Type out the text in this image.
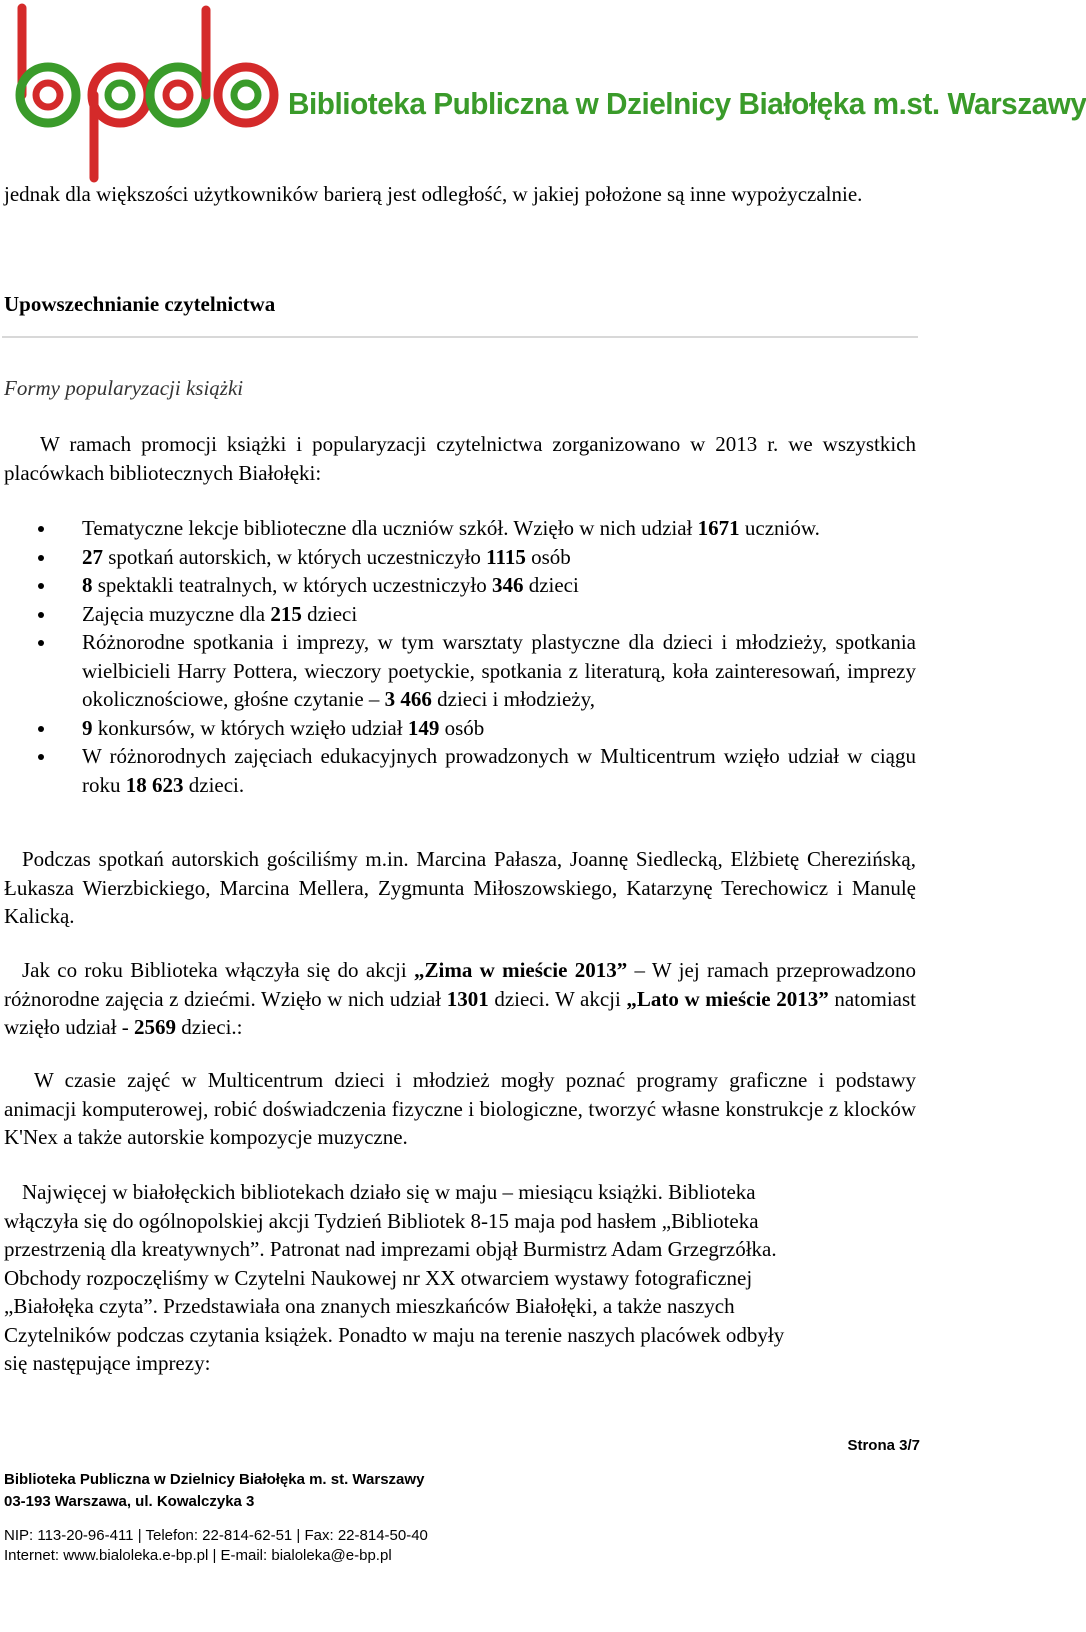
Biblioteka Publiczna w Dzielnicy Białołęka m.st. Warszawy
jednak dla większości użytkowników barierą jest odległość, w jakiej położone są inne wypożyczalnie.
Upowszechnianie czytelnictwa
Formy popularyzacji książki
W ramach promocji książki i popularyzacji czytelnictwa zorganizowano w 2013 r. we wszystkich placówkach bibliotecznych Białołęki:
Tematyczne lekcje biblioteczne dla uczniów szkół. Wzięło w nich udział 1671 uczniów.
27 spotkań autorskich, w których uczestniczyło 1115 osób
8 spektakli teatralnych, w których uczestniczyło 346 dzieci
Zajęcia muzyczne dla 215 dzieci
Różnorodne spotkania i imprezy, w tym warsztaty plastyczne dla dzieci i młodzieży, spotkania wielbicieli Harry Pottera, wieczory poetyckie, spotkania z literaturą, koła zainteresowań, imprezy okolicznościowe, głośne czytanie – 3 466 dzieci i młodzieży,
9 konkursów, w których wzięło udział 149 osób
W różnorodnych zajęciach edukacyjnych prowadzonych w Multicentrum wzięło udział w ciągu roku 18 623 dzieci.
Podczas spotkań autorskich gościliśmy m.in. Marcina Pałasza, Joannę Siedlecką, Elżbietę Cherezińską, Łukasza Wierzbickiego, Marcina Mellera, Zygmunta Miłoszowskiego, Katarzynę Terechowicz i Manulę Kalicką.
Jak co roku Biblioteka włączyła się do akcji „Zima w mieście 2013” – W jej ramach przeprowadzono różnorodne zajęcia z dziećmi. Wzięło w nich udział 1301 dzieci. W akcji „Lato w mieście 2013” natomiast wzięło udział - 2569 dzieci.:
W czasie zajęć w Multicentrum dzieci i młodzież mogły poznać programy graficzne i podstawy animacji komputerowej, robić doświadczenia fizyczne i biologiczne, tworzyć własne konstrukcje z klocków K'Nex a także autorskie kompozycje muzyczne.
Najwięcej w białołęckich bibliotekach działo się w maju – miesiącu książki. Biblioteka
włączyła się do ogólnopolskiej akcji Tydzień Bibliotek 8-15 maja pod hasłem „Biblioteka
przestrzenią dla kreatywnych”. Patronat nad imprezami objął Burmistrz Adam Grzegrzółka.
Obchody rozpoczęliśmy w Czytelni Naukowej nr XX otwarciem wystawy fotograficznej
„Białołęka czyta”. Przedstawiała ona znanych mieszkańców Białołęki, a także naszych
Czytelników podczas czytania książek. Ponadto w maju na terenie naszych placówek odbyły
się następujące imprezy:
Strona 3/7
Biblioteka Publiczna w Dzielnicy Białołęka m. st. Warszawy
03-193 Warszawa, ul. Kowalczyka 3
NIP: 113-20-96-411 | Telefon: 22-814-62-51 | Fax: 22-814-50-40
Internet: www.bialoleka.e-bp.pl | E-mail: bialoleka@e-bp.pl
